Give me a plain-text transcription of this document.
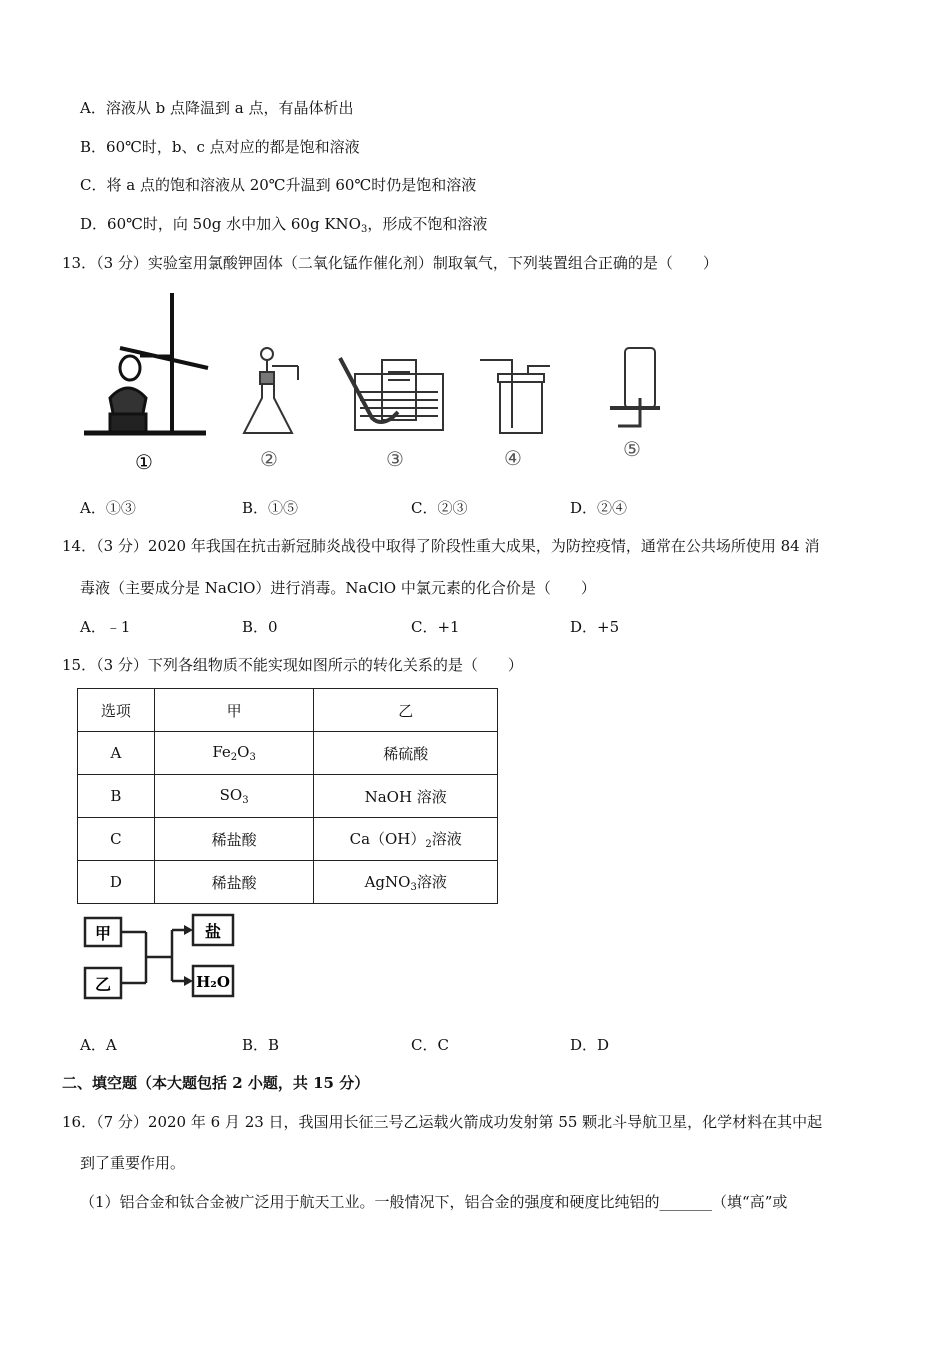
A．溶液从 b 点降温到 a 点，有晶体析出
B．60℃时，b、c 点对应的都是饱和溶液
C．将 a 点的饱和溶液从 20℃升温到 60℃时仍是饱和溶液
D．60℃时，向 50g 水中加入 60g $KNO_3$，形成不饱和溶液
13．（3 分）实验室用氯酸钾固体（二氧化锰作催化剂）制取氧气，下列装置组合正确的是（　　）
①	②	③	④	⑤
A．①③	B．①⑤	C．②③	D．②④
14．（3 分）2020 年我国在抗击新冠肺炎战役中取得了阶段性重大成果，为防控疫情，通常在公共场所使用 84 消
毒液（主要成分是 NaClO）进行消毒。NaClO 中氯元素的化合价是（　　）
A．﹣1	B．0	C．+1	D．+5
15．（3 分）下列各组物质不能实现如图所示的转化关系的是（　　）
选项	甲	乙
A	$Fe_2O_3$	稀硫酸
B	$SO_3$	NaOH 溶液
C	稀盐酸	$Ca(OH)_2$溶液
D	稀盐酸	AgNO$_3$溶液
甲
乙
盐
H₂O
A．A	B．B	C．C	D．D
二、填空题（本大题包括 2 小题，共 15 分）
16．（7 分）2020 年 6 月 23 日，我国用长征三号乙运载火箭成功发射第 55 颗北斗导航卫星，化学材料在其中起
到了重要作用。
（1）铝合金和钛合金被广泛用于航天工业。一般情况下，铝合金的强度和硬度比纯铝的_______（填“高”或
